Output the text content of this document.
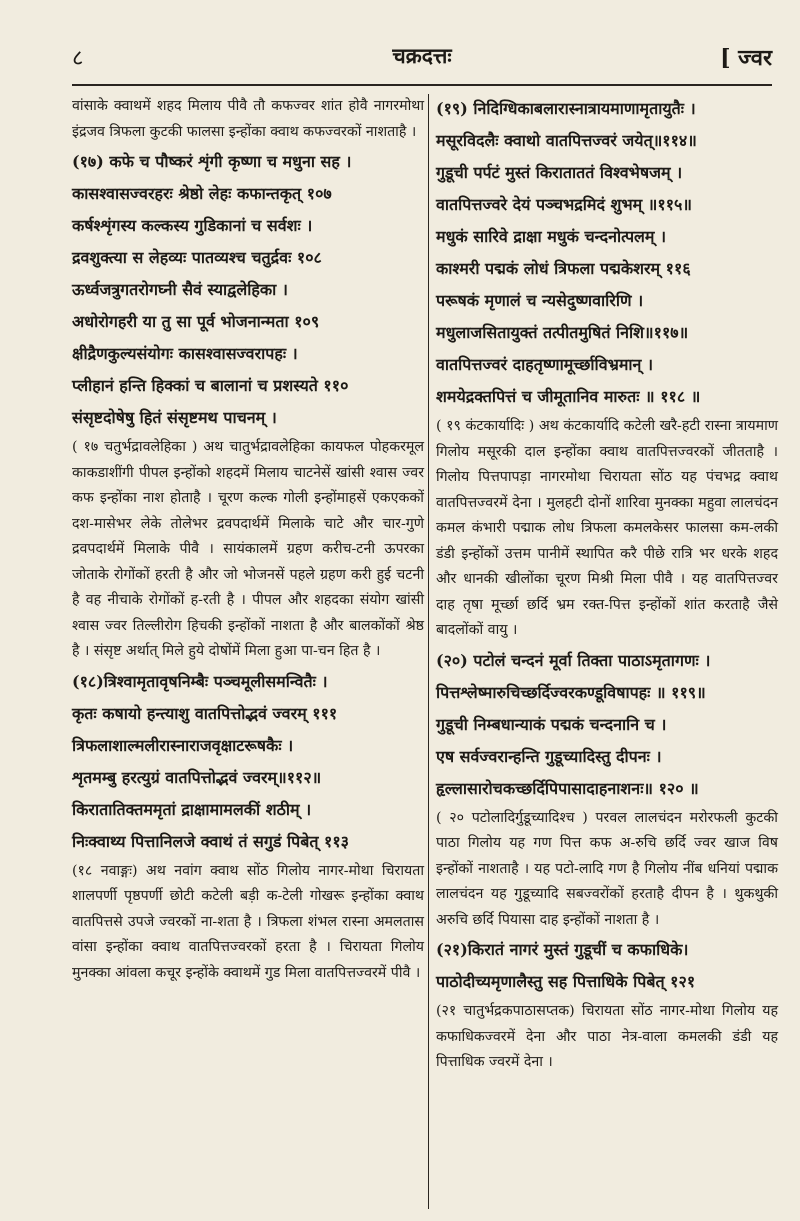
८	चक्रदत्तः	[ ज्वर

वांसाके क्वाथमें शहद मिलाय पीवै तौ कफज्वर शांत होवै नागरमोथा इंद्रजव त्रिफला कुटकी फालसा इन्होंका क्वाथ कफज्वरकों नाशताहै ।

(१७) कफे च पौष्करं शृंगी कृष्णा च मधुना सह ।

कासश्वासज्वरहरः श्रेष्ठो लेहः कफान्तकृत् १०७

कर्षश्शृंगस्य कल्कस्य गुडिकानां च सर्वशः ।

द्रवशुक्त्या स लेहव्यः पातव्यश्च चतुर्द्रवः १०८

ऊर्ध्वजत्रुगतरोगघ्नी सैवं स्याद्वलेहिका ।

अधोरोगहरी या तु सा पूर्व भोजनान्मता १०९

क्षीद्रैणकुल्यसंयोगः कासश्वासज्वरापहः ।

प्लीहानं हन्ति हिक्कां च बालानां च प्रशस्यते ११०

संसृष्टदोषेषु हितं संसृष्टमथ पाचनम् ।

( १७ चतुर्भद्रावलेहिका ) अथ चातुर्भद्रावलेहिका कायफल पोहकरमूल काकडाशींगी पीपल इन्होंको शहदमें मिलाय चाटनेसें खांसी श्वास ज्वर कफ इन्होंका नाश होताहै । चूरण कल्क गोली इन्होंमाहसें एकएककों दश-मासेभर लेके तोलेभर द्रवपदार्थमें मिलाके चाटे और चार-गुणे द्रवपदार्थमें मिलाके पीवै । सायंकालमें ग्रहण करीच-टनी ऊपरका जोताके रोगोंकों हरती है और जो भोजनसें पहले ग्रहण करी हुई चटनी है वह नीचाके रोगोंकों ह-रती है । पीपल और शहदका संयोग खांसी श्वास ज्वर तिल्लीरोग हिचकी इन्होंकों नाशता है और बालकोंकों श्रेष्ठ है । संसृष्ट अर्थात् मिले हुये दोषोंमें मिला हुआ पा-चन हित है ।

(१८)त्रिश्वामृतावृषनिम्बैः पञ्चमूलीसमन्वितैः ।

कृतः कषायो हन्त्याशु वातपित्तोद्भवं ज्वरम् १११

त्रिफलाशाल्मलीरास्नाराजवृक्षाटरूषकैः ।

शृतमम्बु हरत्युग्रं वातपित्तोद्भवं ज्वरम्॥११२॥

किरातातिक्तममृतां द्राक्षामामलकीं शठीम् ।

निःक्वाथ्य पित्तानिलजे क्वाथं तं सगुडं पिबेत् ११३

(१८ नवाङ्गः) अथ नवांग क्वाथ सोंठ गिलोय नागर-मोथा चिरायता शालपर्णी पृष्ठपर्णी छोटी कटेली बड़ी क-टेली गोखरू इन्होंका क्वाथ वातपित्तसे उपजे ज्वरकों ना-शता है । त्रिफला शंभल रास्ना अमलतास वांसा इन्होंका क्वाथ वातपित्तज्वरकों हरता है । चिरायता गिलोय मुनक्का आंवला कचूर इन्होंके क्वाथमें गुड मिला वातपित्तज्वरमें पीवै ।

(१९) निदिग्धिकाबलारास्नात्रायमाणामृतायुतैः ।

मसूरविदलैः क्वाथो वातपित्तज्वरं जयेत्॥११४॥

गुडूची पर्पटं मुस्तं किराताततं विश्वभेषजम् ।

वातपित्तज्वरे देयं पञ्चभद्रमिदं शुभम् ॥११५॥

मधुकं सारिवे द्राक्षा मधुकं चन्दनोत्पलम् ।

काश्मरी पद्मकं लोधं त्रिफला पद्मकेशरम् ११६

परूषकं मृणालं च न्यसेदुष्णवारिणि ।

मधुलाजसितायुक्तं तत्पीतमुषितं निशि॥११७॥

वातपित्तज्वरं दाहतृष्णामूर्च्छाविभ्रमान् ।

शमयेद्रक्तपित्तं च जीमूतानिव मारुतः ॥ ११८ ॥

( १९ कंटकार्यादिः ) अथ कंटकार्यादि कटेली खरै-हटी रास्ना त्रायमाण गिलोय मसूरकी दाल इन्होंका क्वाथ वातपित्तज्वरकों जीतताहै । गिलोय पित्तपापड़ा नागरमोथा चिरायता सोंठ यह पंचभद्र क्वाथ वातपित्तज्वरमें देना । मुलहटी दोनों शारिवा मुनक्का महुवा लालचंदन कमल कंभारी पद्माक लोध त्रिफला कमलकेसर फालसा कम-लकी डंडी इन्होंकों उत्तम पानीमें स्थापित करै पीछे रात्रि भर धरके शहद और धानकी खीलोंका चूरण मिश्री मिला पीवै । यह वातपित्तज्वर दाह तृषा मूर्च्छा छर्दि भ्रम रक्त-पित्त इन्होंकों शांत करताहै जैसे बादलोंकों वायु ।

(२०) पटोलं चन्दनं मूर्वा तिक्ता पाठाऽमृतागणः ।

पित्तश्लेष्मारुचिच्छर्दिज्वरकण्डूविषापहः ॥ ११९॥

गुडूची निम्बधान्याकं पद्मकं चन्दनानि च ।

एष सर्वज्वरान्हन्ति गुडूच्यादिस्तु दीपनः ।

हृल्लासारोचकच्छर्दिपिपासादाहनाशनः॥ १२० ॥

( २० पटोलादिर्गुडूच्यादिश्च ) परवल लालचंदन मरोरफली कुटकी पाठा गिलोय यह गण पित्त कफ अ-रुचि छर्दि ज्वर खाज विष इन्होंकों नाशताहै । यह पटो-लादि गण है गिलोय नींब धनियां पद्माक लालचंदन यह गुडूच्यादि सबज्वरोंकों हरताहै दीपन है । थुकथुकी अरुचि छर्दि पियासा दाह इन्होंकों नाशता है ।

(२१)किरातं नागरं मुस्तं गुडूचीं च कफाधिके।

पाठोदीच्यमृणालैस्तु सह पित्ताधिके पिबेत् १२१

(२१ चातुर्भद्रकपाठासप्तक) चिरायता सोंठ नागर-मोथा गिलोय यह कफाधिकज्वरमें देना और पाठा नेत्र-वाला कमलकी डंडी यह पित्ताधिक ज्वरमें देना ।
